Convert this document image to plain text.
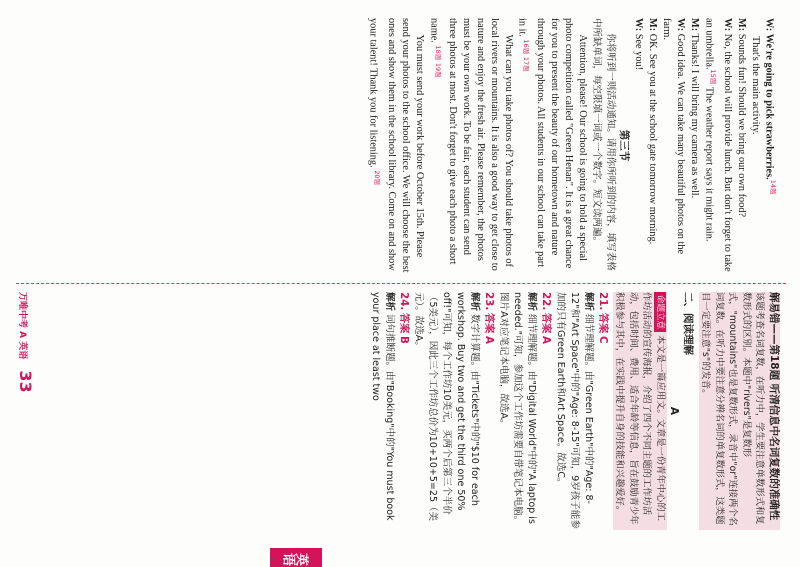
W: We're going to pick strawberries.$^{14题}$

That's the main activity.

M: Sounds fun! Should we bring our own food?

W: No, the school will provide lunch. But don't forget to take an umbrella.$^{15题}$ The weather report says it might rain.

M: Thanks! I will bring my camera as well.

W: Good idea. We can take many beautiful photos on the farm.

M: OK. See you at the school gate tomorrow morning.

W: See you!

第三节

你将听到一则活动通知。请用你所听到的内容，填写表格中所缺单词，每空限填一词或一个数字。短文读两遍。

Attention, please! Our school is going to hold a special photo competition called "Green Henan". It is a great chance for you to present the beauty of our hometown and nature through your photos. All students in our school can take part in it. $^{16题}$ $^{17题}$

What can you take photos of? You should take photos of local rivers or mountains. It is also a good way to get close to nature and enjoy the fresh air. Please remember, the photos must be your own work. To be fair, each student can send three photos at most. Don't forget to give each photo a short name. $^{18题}$ $^{19题}$

You must send your work before October 15th. Please send your photos to the school office. We will choose the best ones and show them in the school library. Come on and show your talent! Thank you for listening. $^{20题}$

解易错——第18题 听清信息中名词复数的准确性

该题考查名词复数，在听力中，学生要注意单数形式和复数形式的区别。本题中"rivers"是复数形式，"mountains"也是复数形式，录音中"or"连接两个名词复数。在听力中要注意分辨名词的单复数形式，这类题目一定要注意"s"的发音。

二、阅读理解

A

命题立意 本文是一篇应用文。文章是一份青年中心的工作坊活动的宣传海报，介绍了四个不同主题的工作坊活动，包括时间、费用、适合年龄等信息，旨在鼓励青少年积极参与其中，在实践中提升自身的技能和兴趣爱好。

21. 答案 C

解析 细节理解题。由"Green Earth"中的"Age: 8-12"和"Art Space"中的"Age: 8-15"可知，9岁孩子能参加的只有Green Earth和Art Space。故选C。

22. 答案 A

解析 细节理解题。由"Digital World"中的"A laptop is needed."可知，参加这个工作坊需要自带笔记本电脑。图片A对应笔记本电脑，故选A。

23. 答案 A

解析 数字计算题。由"Tickets"中的"$10 for each workshop. Buy two and get the third one 50% off!"可知，每个工作坊10美元，买两个后第三个半价（5美元），因此三个工作坊总价为10+10+5=25（美元）。故选A。

24. 答案 B

解析 词句推断题。由"Booking"中的"You must book your place at least two

英语
万唯中考 A 英语 33
